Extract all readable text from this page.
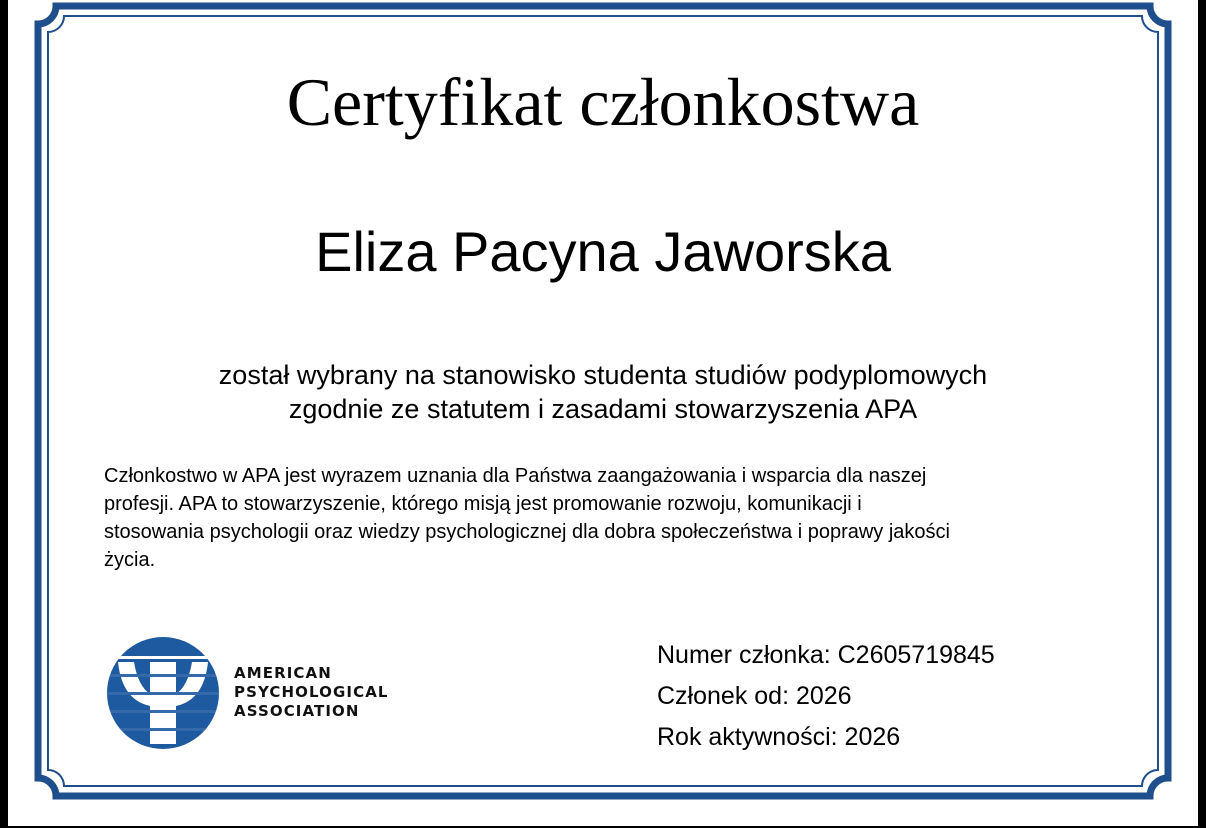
Certyfikat członkostwa
Eliza Pacyna Jaworska
został wybrany na stanowisko studenta studiów podyplomowych
zgodnie ze statutem i zasadami stowarzyszenia APA
Członkostwo w APA jest wyrazem uznania dla Państwa zaangażowania i wsparcia dla naszej
profesji. APA to stowarzyszenie, którego misją jest promowanie rozwoju, komunikacji i
stosowania psychologii oraz wiedzy psychologicznej dla dobra społeczeństwa i poprawy jakości
życia.
AMERICAN
PSYCHOLOGICAL
ASSOCIATION
Numer członka: C2605719845
Członek od: 2026
Rok aktywności: 2026
